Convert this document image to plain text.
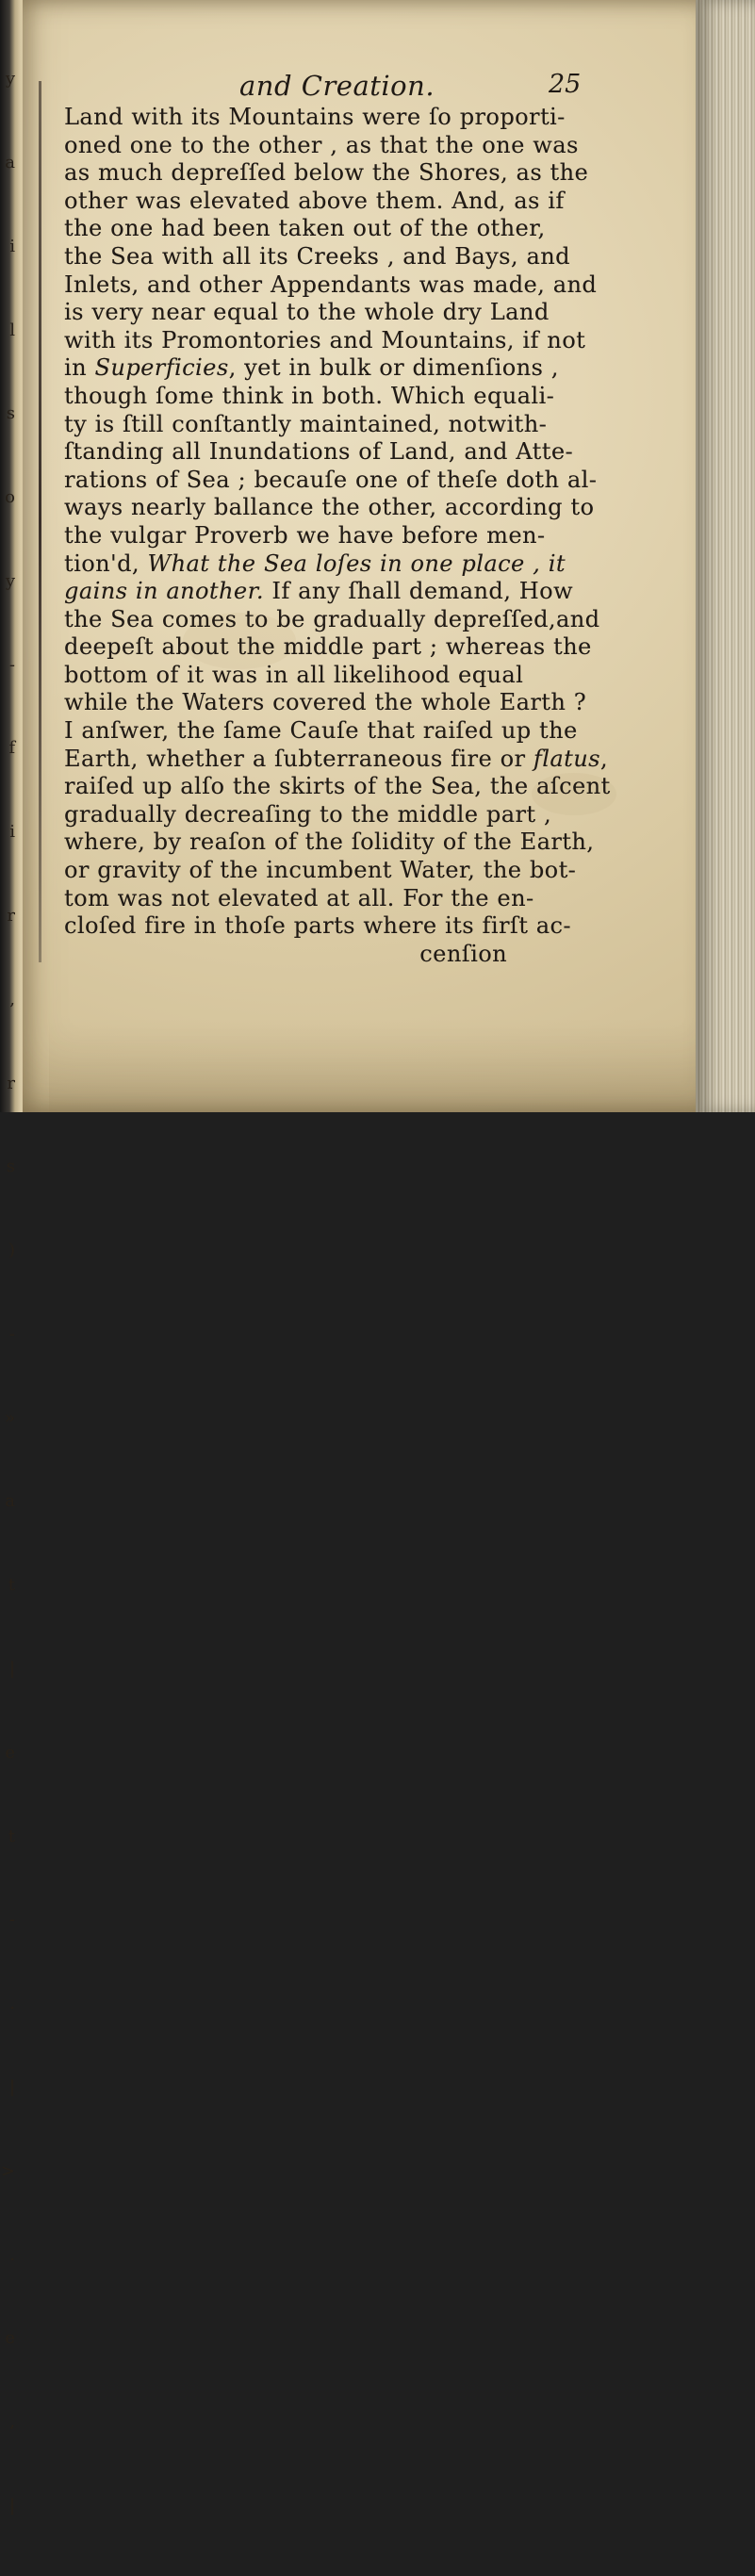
y

a

i

l

s

o

y

-

f

i

r

,

r

s

)

-

»

a

t

|

e

t

-

.

|

>

.

e

,

|

and Creation.	25
Land with its Mountains were ſo proporti-
oned one to the other , as that the one was
as much depreſſed below the Shores, as the
other was elevated above them. And, as if
the one had been taken out of the other,
the Sea with all its Creeks , and Bays, and
Inlets, and other Appendants was made, and
is very near equal to the whole dry Land
with its Promontories and Mountains, if not
in Superficies, yet in bulk or dimenſions ,
though ſome think in both. Which equali-
ty is ſtill conſtantly maintained, notwith-
ſtanding all Inundations of Land, and Atte-
rations of Sea ; becauſe one of theſe doth al-
ways nearly ballance the other, according to
the vulgar Proverb we have before men-
tion'd, What the Sea loſes in one place , it
gains in another. If any ſhall demand, How
the Sea comes to be gradually depreſſed,and
deepeſt about the middle part ; whereas the
bottom of it was in all likelihood equal
while the Waters covered the whole Earth ?
I anſwer, the ſame Cauſe that raiſed up the
Earth, whether a ſubterraneous fire or flatus,
raiſed up alſo the skirts of the Sea, the aſcent
gradually decreaſing to the middle part ,
where, by reaſon of the ſolidity of the Earth,
or gravity of the incumbent Water, the bot-
tom was not elevated at all. For the en-
cloſed fire in thoſe parts where its firſt ac-
cenſion
